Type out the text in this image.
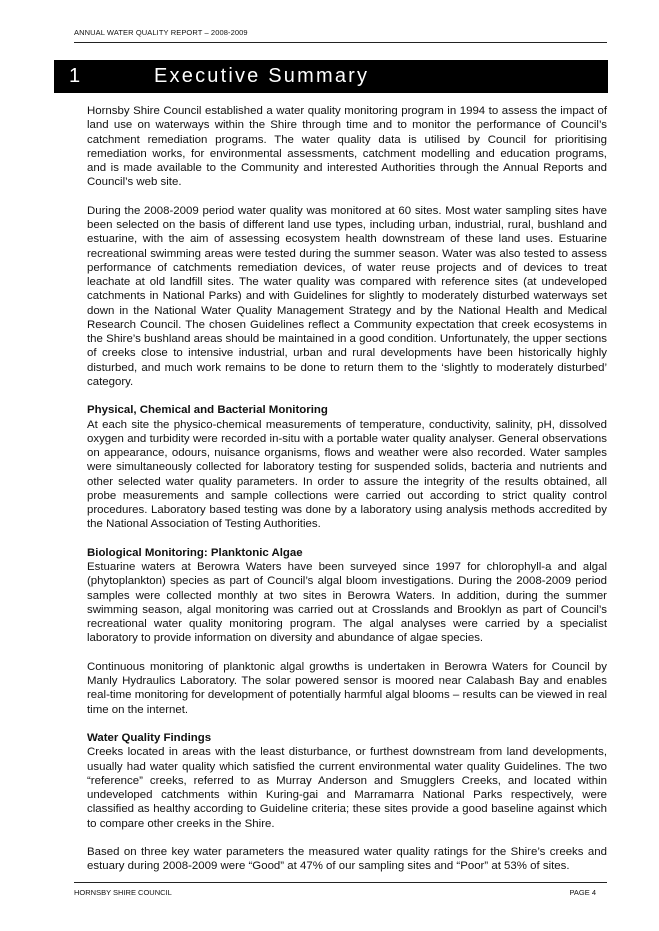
ANNUAL WATER QUALITY REPORT – 2008-2009
1	Executive Summary

Hornsby Shire Council established a water quality monitoring program in 1994 to assess the impact of land use on waterways within the Shire through time and to monitor the performance of Council’s catchment remediation programs. The water quality data is utilised by Council for prioritising remediation works, for environmental assessments, catchment modelling and education programs, and is made available to the Community and interested Authorities through the Annual Reports and Council’s web site.

During the 2008-2009 period water quality was monitored at 60 sites. Most water sampling sites have been selected on the basis of different land use types, including urban, industrial, rural, bushland and estuarine, with the aim of assessing ecosystem health downstream of these land uses. Estuarine recreational swimming areas were tested during the summer season. Water was also tested to assess performance of catchments remediation devices, of water reuse projects and of devices to treat leachate at old landfill sites. The water quality was compared with reference sites (at undeveloped catchments in National Parks) and with Guidelines for slightly to moderately disturbed waterways set down in the National Water Quality Management Strategy and by the National Health and Medical Research Council. The chosen Guidelines reflect a Community expectation that creek ecosystems in the Shire’s bushland areas should be maintained in a good condition. Unfortunately, the upper sections of creeks close to intensive industrial, urban and rural developments have been historically highly disturbed, and much work remains to be done to return them to the ‘slightly to moderately disturbed’ category.

Physical, Chemical and Bacterial Monitoring

At each site the physico-chemical measurements of temperature, conductivity, salinity, pH, dissolved oxygen and turbidity were recorded in-situ with a portable water quality analyser. General observations on appearance, odours, nuisance organisms, flows and weather were also recorded. Water samples were simultaneously collected for laboratory testing for suspended solids, bacteria and nutrients and other selected water quality parameters. In order to assure the integrity of the results obtained, all probe measurements and sample collections were carried out according to strict quality control procedures. Laboratory based testing was done by a laboratory using analysis methods accredited by the National Association of Testing Authorities.

Biological Monitoring: Planktonic Algae

Estuarine waters at Berowra Waters have been surveyed since 1997 for chlorophyll-a and algal (phytoplankton) species as part of Council’s algal bloom investigations. During the 2008-2009 period samples were collected monthly at two sites in Berowra Waters. In addition, during the summer swimming season, algal monitoring was carried out at Crosslands and Brooklyn as part of Council’s recreational water quality monitoring program. The algal analyses were carried by a specialist laboratory to provide information on diversity and abundance of algae species.

Continuous monitoring of planktonic algal growths is undertaken in Berowra Waters for Council by Manly Hydraulics Laboratory. The solar powered sensor is moored near Calabash Bay and enables real-time monitoring for development of potentially harmful algal blooms – results can be viewed in real time on the internet.

Water Quality Findings

Creeks located in areas with the least disturbance, or furthest downstream from land developments, usually had water quality which satisfied the current environmental water quality Guidelines. The two “reference” creeks, referred to as Murray Anderson and Smugglers Creeks, and located within undeveloped catchments within Kuring-gai and Marramarra National Parks respectively, were classified as healthy according to Guideline criteria; these sites provide a good baseline against which to compare other creeks in the Shire.

Based on three key water parameters the measured water quality ratings for the Shire’s creeks and estuary during 2008-2009 were “Good” at 47% of our sampling sites and “Poor” at 53% of sites.

HORNSBY SHIRE COUNCIL	PAGE 4
